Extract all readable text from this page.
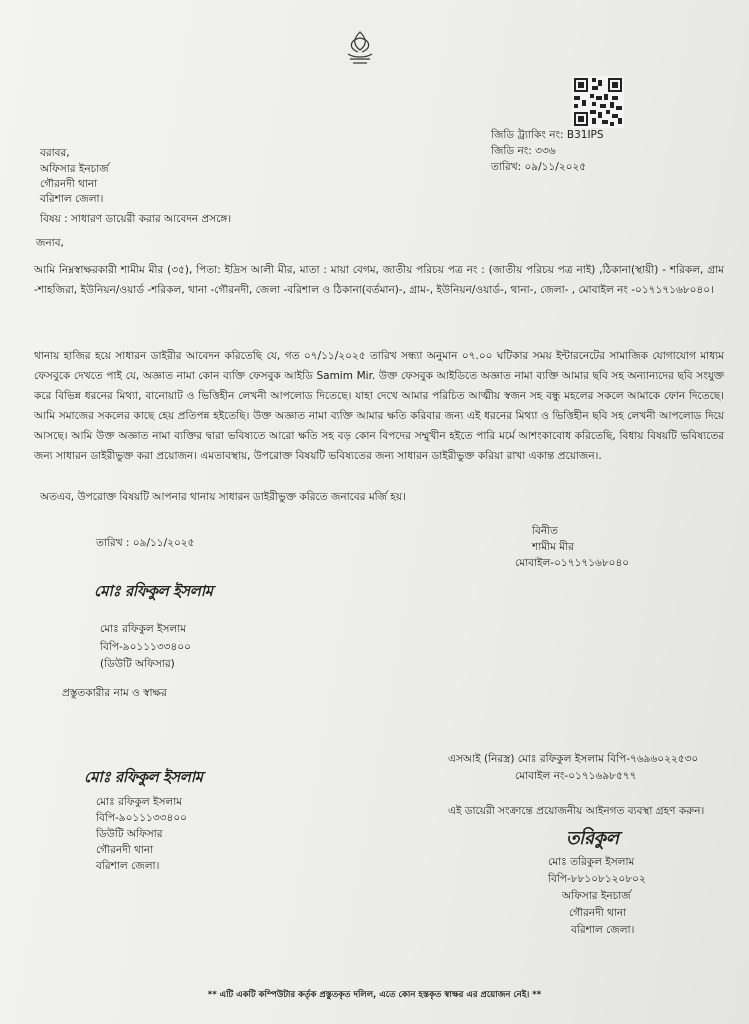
জিডি ট্র্যাকিং নং: B31IPS
জিডি নং: ৩৩৬
তারিখ: ০৯/১১/২০২৫
বরাবর,
অফিসার ইনচার্জ
গৌরনদী থানা
বরিশাল জেলা।
বিষয় : সাধারণ ডায়েরী করার আবেদন প্রসঙ্গে।
জনাব,
আমি নিম্নস্বাক্ষরকারী শামীম মীর (৩৫), পিতা: ইদ্রিস আলী মীর, মাতা : মায়া বেগম, জাতীয় পরিচয় পত্র নং : (জাতীয় পরিচয় পত্র নাই) ,ঠিকানা(স্থায়ী) - শরিকল, গ্রাম -শাহজিরা, ইউনিয়ন/ওয়ার্ড -শরিকল, থানা -গৌরনদী, জেলা -বরিশাল ও ঠিকানা(বর্তমান)-, গ্রাম-, ইউনিয়ন/ওয়ার্ড-, থানা-, জেলা- , মোবাইল নং -০১৭১৭১৬৮০৪০।
থানায় হাজির হয়ে সাধারন ডাইরীর আবেদন করিতেছি যে, গত ০৭/১১/২০২৫ তারিখ সন্ধ্যা অনুমান ০৭.০০ ঘটিকার সময় ইন্টারনেটের সামাজিক যোগাযোগ মাধ্যম ফেসবুকে দেখতে পাই যে, অজ্ঞাত নামা কোন ব্যক্তি ফেসবুক আইডি Samim Mir. উক্ত ফেসবুক আইডিতে অজ্ঞাত নামা ব্যক্তি আমার ছবি সহ অন্যান্যদের ছবি সংযুক্ত করে বিভিন্ন ধরনের মিথ্যা, বানোয়াট ও ভিত্তিহীন লেখনী আপলোড দিতেছে। যাহা দেখে আমার পরিচিত আত্মীয় স্বজন সহ বন্ধু মহলের সকলে আমাকে ফোন দিতেছে। আমি সমাজের সকলের কাছে হেয় প্রতিপন্ন হইতেছি। উক্ত অজ্ঞাত নামা ব্যক্তি আমার ক্ষতি করিবার জন্য এই ধরনের মিথ্যা ও ভিত্তিহীন ছবি সহ লেখনী আপলোড দিয়ে আসছে। আমি উক্ত অজ্ঞাত নামা ব্যক্তির দ্বারা ভবিষ্যতে আরো ক্ষতি সহ বড় কোন বিপদের সম্মুখীন হইতে পারি মর্মে আশংকাবোধ করিতেছি, বিধায় বিষয়টি ভবিষ্যতের জন্য সাধারন ডাইরীভুক্ত করা প্রয়োজন। এমতাবস্থায়, উপরোক্ত বিষয়টি ভবিষ্যতের জন্য সাধারন ডাইরীভুক্ত করিয়া রাখা একান্ত প্রয়োজন।.
অতএব, উপরোক্ত বিষয়টি আপনার থানায় সাধারন ডাইরীভুক্ত করিতে জনাবের মর্জি হয়।
তারিখ : ০৯/১১/২০২৫
বিনীত
শামীম মীর
মোবাইল-০১৭১৭১৬৮০৪০
মোঃ রফিকুল ইসলাম
মোঃ রফিকুল ইসলাম
বিপি-৯০১১১৩৩৪০০
(ডিউটি অফিসার)
প্রস্তুতকারীর নাম ও স্বাক্ষর
এসআই (নিরস্ত্র) মোঃ রফিকুল ইসলাম বিপি-৭৬৯৬০২২৫৩০
মোবাইল নং-০১৭১৬৯৮৫৭৭
মোঃ রফিকুল ইসলাম
মোঃ রফিকুল ইসলাম
বিপি-৯০১১১৩৩৪০০
ডিউটি অফিসার
গৌরনদী থানা
বরিশাল জেলা।
এই ডায়েরী সংক্রান্তে প্রয়োজনীয় আইনগত ব্যবস্থা গ্রহণ করুন।
তরিকুল
মোঃ তরিকুল ইসলাম
বিপি-৮৮১০৮১২০৮০২
অফিসার ইনচার্জ
গৌরনদী থানা
বরিশাল জেলা।
** এটি একটি কম্পিউটার কর্তৃক প্রস্তুতকৃত দলিল, এতে কোন হস্তকৃত স্বাক্ষর এর প্রয়োজন নেই। **
